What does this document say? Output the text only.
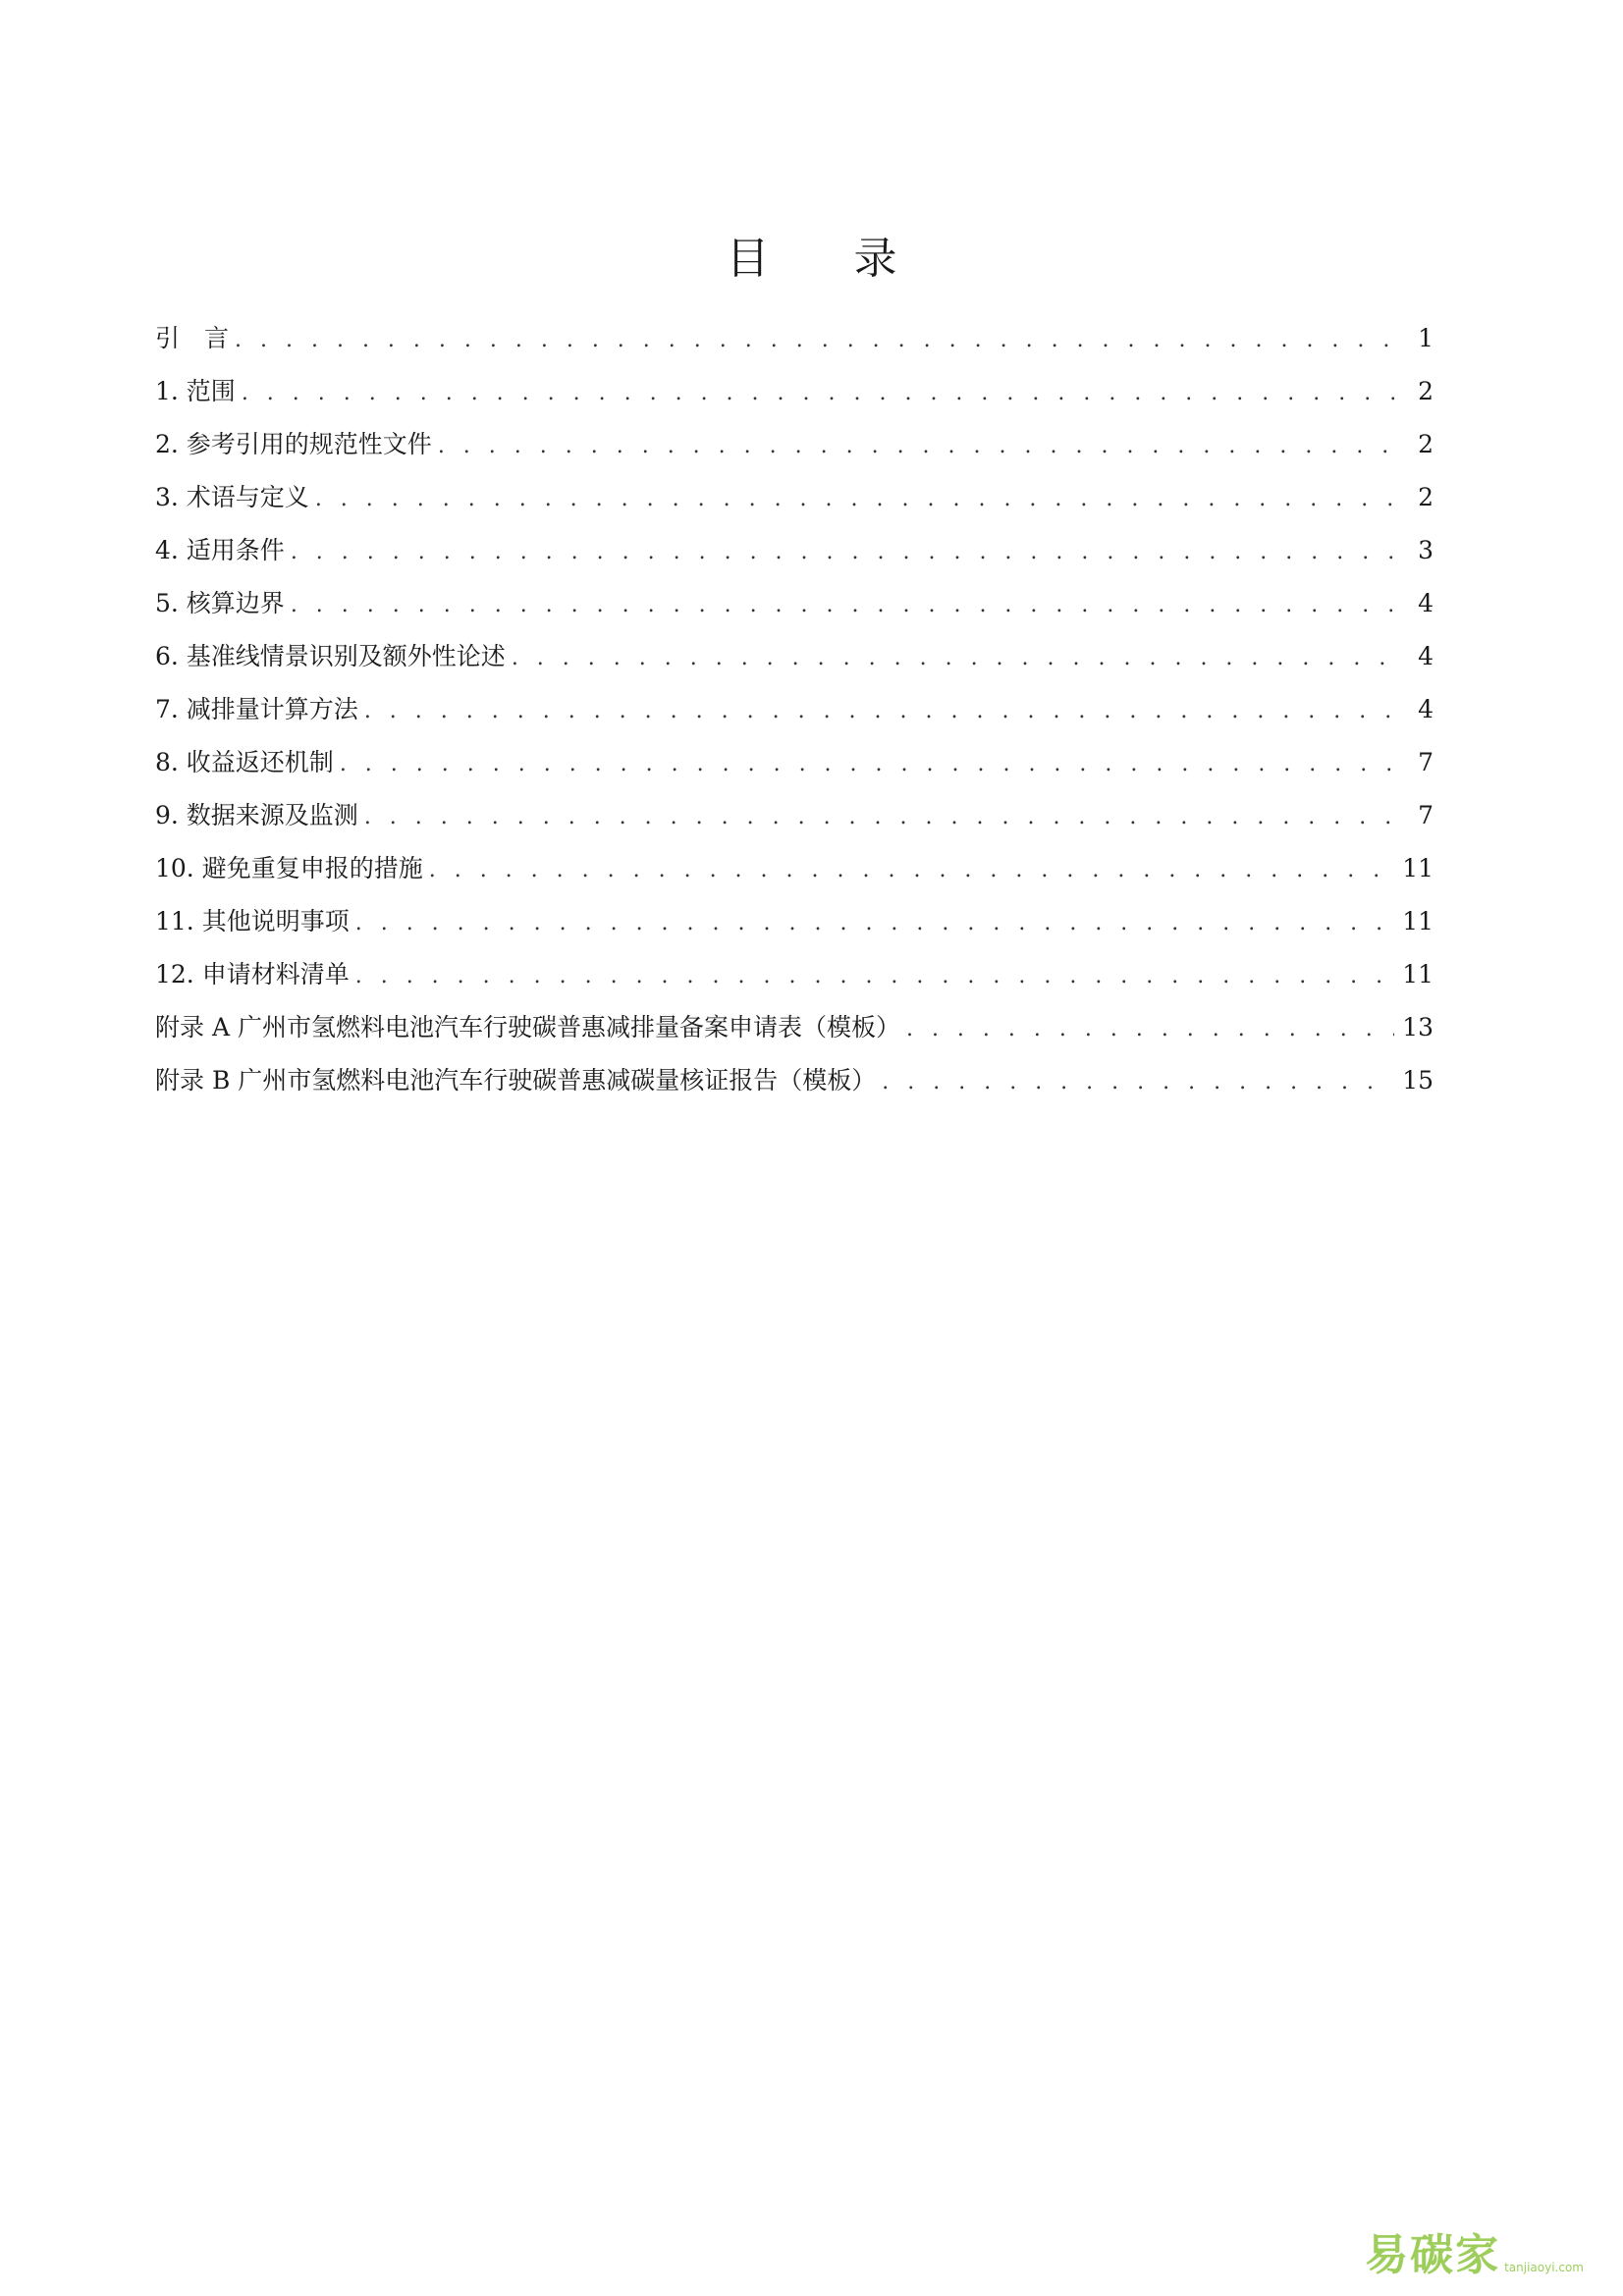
目 录
引　言 . . .	1
1. 范围 . . .	2
2. 参考引用的规范性文件 . . .	2
3. 术语与定义 . . .	2
4. 适用条件 . . .	3
5. 核算边界 . . .	4
6. 基准线情景识别及额外性论述 . . .	4
7. 减排量计算方法 . . .	4
8. 收益返还机制 . . .	7
9. 数据来源及监测 . . .	7
10. 避免重复申报的措施 . . .	11
11. 其他说明事项 . . .	11
12. 申请材料清单 . . .	11
附录 A 广州市氢燃料电池汽车行驶碳普惠减排量备案申请表（模板） . . .	13
附录 B 广州市氢燃料电池汽车行驶碳普惠减碳量核证报告（模板） . . .	15
易碳家 tanjiaoyi.com
